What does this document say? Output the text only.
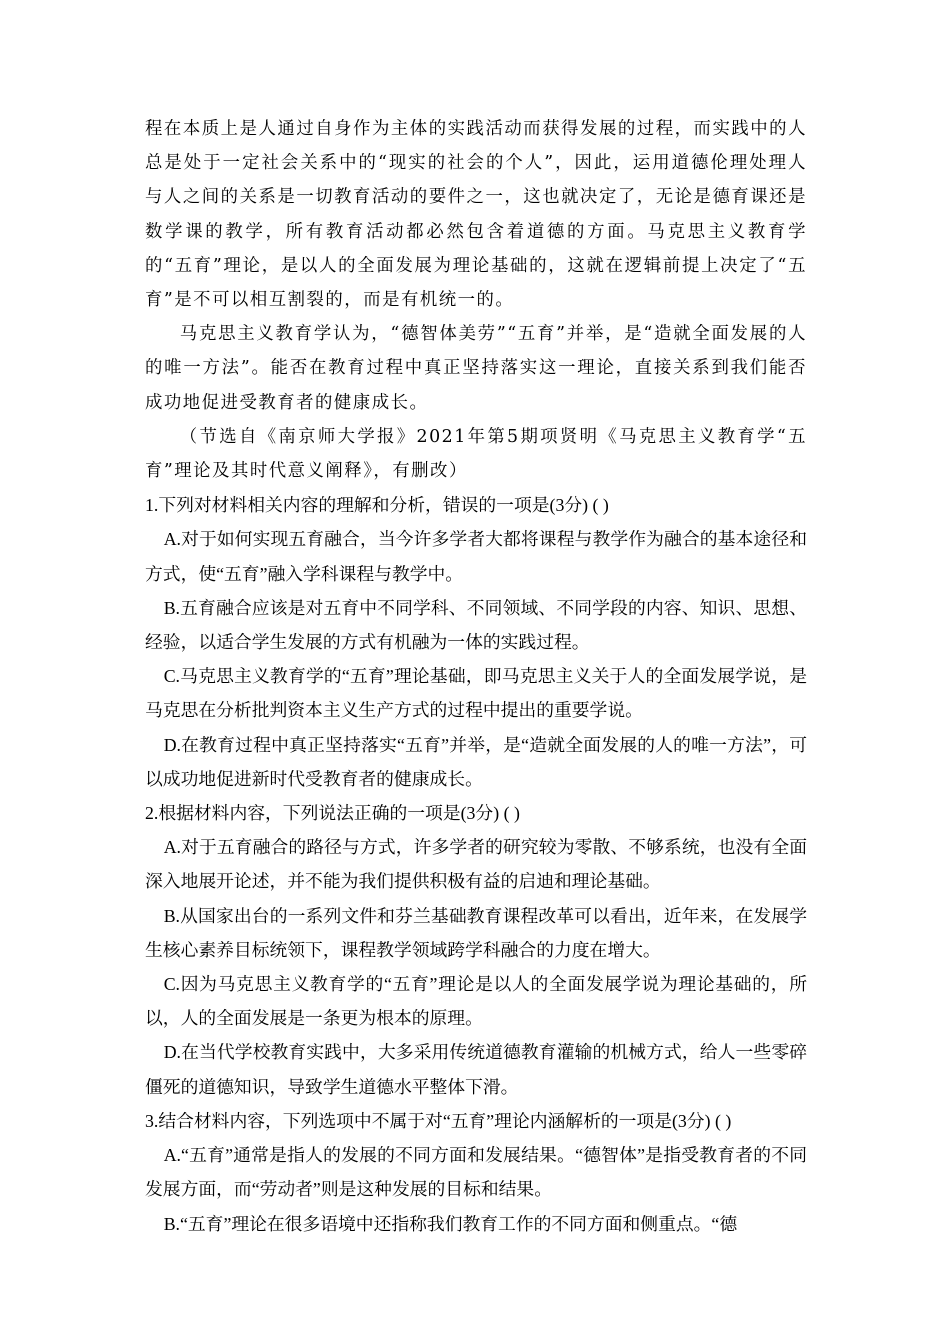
程在本质上是人通过自身作为主体的实践活动而获得发展的过程，而实践中的人总是处于一定社会关系中的“现实的社会的个人”，因此，运用道德伦理处理人与人之间的关系是一切教育活动的要件之一，这也就决定了，无论是德育课还是数学课的教学，所有教育活动都必然包含着道德的方面。马克思主义教育学的“五育”理论，是以人的全面发展为理论基础的，这就在逻辑前提上决定了“五育”是不可以相互割裂的，而是有机统一的。

马克思主义教育学认为，“德智体美劳”“五育”并举，是“造就全面发展的人的唯一方法”。能否在教育过程中真正坚持落实这一理论，直接关系到我们能否成功地促进受教育者的健康成长。

（节选自《南京师大学报》2021年第5期项贤明《马克思主义教育学“五育”理论及其时代意义阐释》，有删改）

1.下列对材料相关内容的理解和分析，错误的一项是(3分) ( )

A.对于如何实现五育融合，当今许多学者大都将课程与教学作为融合的基本途径和方式，使“五育”融入学科课程与教学中。

B.五育融合应该是对五育中不同学科、不同领域、不同学段的内容、知识、思想、经验，以适合学生发展的方式有机融为一体的实践过程。

C.马克思主义教育学的“五育”理论基础，即马克思主义关于人的全面发展学说，是马克思在分析批判资本主义生产方式的过程中提出的重要学说。

D.在教育过程中真正坚持落实“五育”并举，是“造就全面发展的人的唯一方法”，可以成功地促进新时代受教育者的健康成长。

2.根据材料内容，下列说法正确的一项是(3分) ( )

A.对于五育融合的路径与方式，许多学者的研究较为零散、不够系统，也没有全面深入地展开论述，并不能为我们提供积极有益的启迪和理论基础。

B.从国家出台的一系列文件和芬兰基础教育课程改革可以看出，近年来，在发展学生核心素养目标统领下，课程教学领域跨学科融合的力度在增大。

C.因为马克思主义教育学的“五育”理论是以人的全面发展学说为理论基础的，所以，人的全面发展是一条更为根本的原理。

D.在当代学校教育实践中，大多采用传统道德教育灌输的机械方式，给人一些零碎僵死的道德知识，导致学生道德水平整体下滑。

3.结合材料内容，下列选项中不属于对“五育”理论内涵解析的一项是(3分) ( )

A.“五育”通常是指人的发展的不同方面和发展结果。“德智体”是指受教育者的不同发展方面，而“劳动者”则是这种发展的目标和结果。

B.“五育”理论在很多语境中还指称我们教育工作的不同方面和侧重点。“德
